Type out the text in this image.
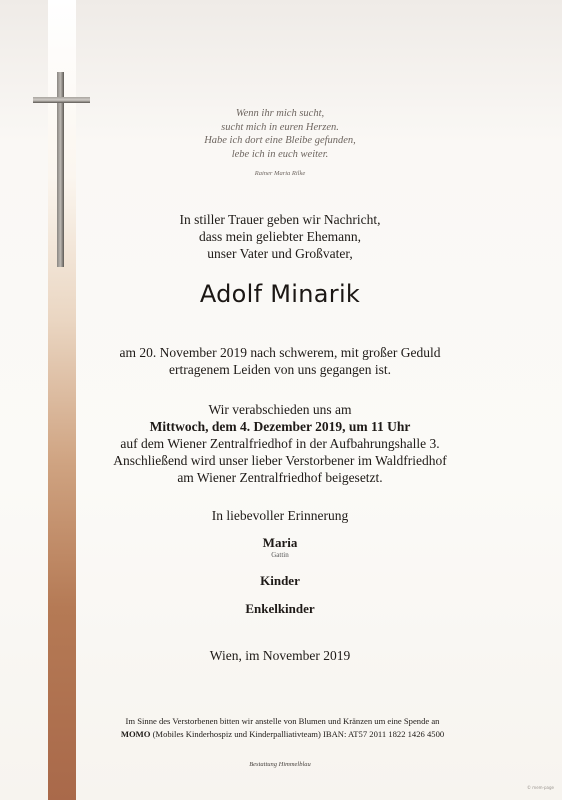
Wenn ihr mich sucht,
sucht mich in euren Herzen.
Habe ich dort eine Bleibe gefunden,
lebe ich in euch weiter.
Rainer Maria Rilke
In stiller Trauer geben wir Nachricht,
dass mein geliebter Ehemann,
unser Vater und Großvater,
Adolf Minarik
am 20. November 2019 nach schwerem, mit großer Geduld
ertragenem Leiden von uns gegangen ist.
Wir verabschieden uns am
Mittwoch, dem 4. Dezember 2019, um 11 Uhr
auf dem Wiener Zentralfriedhof in der Aufbahrungshalle 3.
Anschließend wird unser lieber Verstorbener im Waldfriedhof
am Wiener Zentralfriedhof beigesetzt.
In liebevoller Erinnerung
Maria
Gattin
Kinder
Enkelkinder
Wien, im November 2019
Im Sinne des Verstorbenen bitten wir anstelle von Blumen und Kränzen um eine Spende an
MOMO (Mobiles Kinderhospiz und Kinderpalliativteam) IBAN: AT57 2011 1822 1426 4500
Bestattung Himmelblau
© mem-page
